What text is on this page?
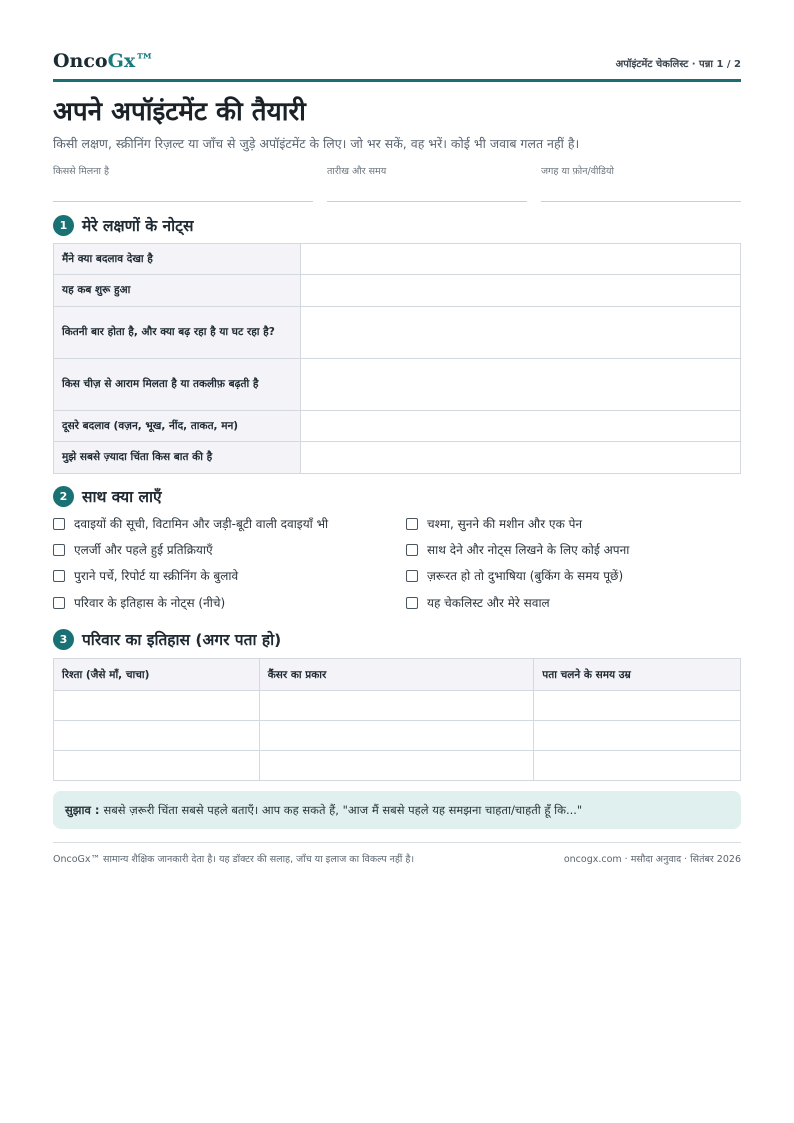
OncoGx™	अपॉइंटमेंट चेकलिस्ट · पन्ना 1 / 2
अपने अपॉइंटमेंट की तैयारी
किसी लक्षण, स्क्रीनिंग रिज़ल्ट या जाँच से जुड़े अपॉइंटमेंट के लिए। जो भर सकें, वह भरें। कोई भी जवाब गलत नहीं है।
किससे मिलना है	तारीख और समय	जगह या फ़ोन/वीडियो
1 मेरे लक्षणों के नोट्स
मैंने क्या बदलाव देखा है	
यह कब शुरू हुआ	
कितनी बार होता है, और क्या बढ़ रहा है या घट रहा है?	
किस चीज़ से आराम मिलता है या तकलीफ़ बढ़ती है	
दूसरे बदलाव (वज़न, भूख, नींद, ताकत, मन)	
मुझे सबसे ज़्यादा चिंता किस बात की है	
2 साथ क्या लाएँ
दवाइयों की सूची, विटामिन और जड़ी-बूटी वाली दवाइयाँ भी
एलर्जी और पहले हुई प्रतिक्रियाएँ
पुराने पर्चे, रिपोर्ट या स्क्रीनिंग के बुलावे
परिवार के इतिहास के नोट्स (नीचे)
चश्मा, सुनने की मशीन और एक पेन
साथ देने और नोट्स लिखने के लिए कोई अपना
ज़रूरत हो तो दुभाषिया (बुकिंग के समय पूछें)
यह चेकलिस्ट और मेरे सवाल
3 परिवार का इतिहास (अगर पता हो)
रिश्ता (जैसे माँ, चाचा)	कैंसर का प्रकार	पता चलने के समय उम्र

सुझाव : सबसे ज़रूरी चिंता सबसे पहले बताएँ। आप कह सकते हैं, "आज मैं सबसे पहले यह समझना चाहता/चाहती हूँ कि..."
OncoGx™ सामान्य शैक्षिक जानकारी देता है। यह डॉक्टर की सलाह, जाँच या इलाज का विकल्प नहीं है।	oncogx.com · मसौदा अनुवाद · सितंबर 2026
